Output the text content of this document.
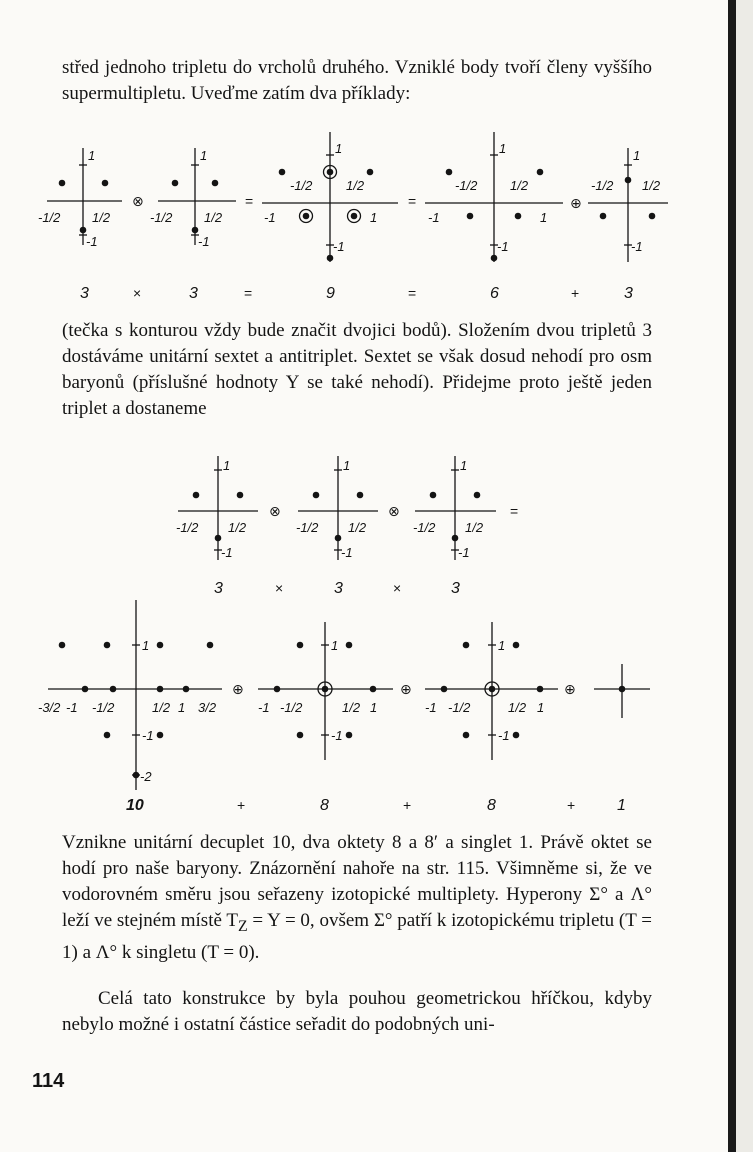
střed jednoho tripletu do vrcholů druhého. Vzniklé body tvoří členy vyššího supermultipletu. Uveďme zatím dva příklady:

1	1	1	1	1
1	1
-1	-1	-1	-1	-1
-1	-1
-1/2 1/2	-1/2 1/2
-1/2	1/2	-1/2	1/2	-1/2 1/2
⊗	=	=	⊕
3	×	3	=	9	=	6	+	3

(tečka s konturou vždy bude značit dvojici bodů). Složením dvou tripletů 3 dostáváme unitární sextet a antitriplet. Sextet se však dosud nehodí pro osm baryonů (příslušné hodnoty Y se také nehodí). Přidejme proto ještě jeden triplet a dostaneme

1	1	1
-1	-1	-1
-1/2 1/2	-1/2 1/2	-1/2 1/2
⊗	⊗	=
3	×	3	×	3
1	1	1
-1	-1	-1
-2
-3/2 -1 -1/2	1/2 1 3/2	-1 -1/2	1/2 1	-1 -1/2	1/2 1
⊕	⊕	⊕
10	+	8	+	8	+	1

Vznikne unitární decuplet 10, dva oktety 8 a 8′ a singlet 1. Právě oktet se hodí pro naše baryony. Znázornění nahoře na str. 115. Všimněme si, že ve vodorovném směru jsou seřazeny izotopické multiplety. Hyperony Σ° a Λ° leží ve stejném místě $T_Z = Y = 0$, ovšem Σ° patří k izotopickému tripletu (T = 1) a Λ° k singletu (T = 0).

Celá tato konstrukce by byla pouhou geometrickou hříčkou, kdyby nebylo možné i ostatní částice seřadit do podobných uni-

114
